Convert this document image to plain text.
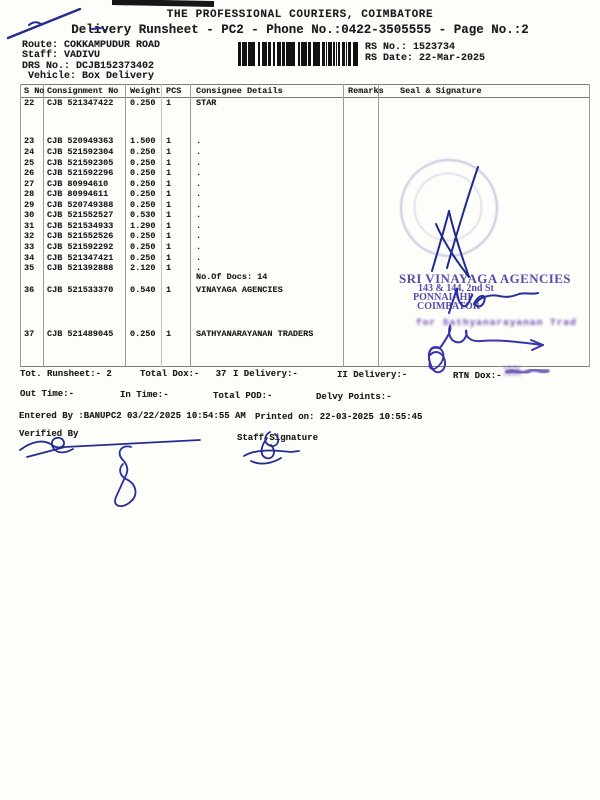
THE PROFESSIONAL COURIERS, COIMBATORE
Delivery Runsheet - PC2 - Phone No.:0422-3505555 - Page No.:2
Route: COKKAMPUDUR ROAD
Staff: VADIVU
DRS No.: DCJB152373402
Vehicle: Box Delivery
RS No.: 1523734
RS Date: 22-Mar-2025
S No Consignment No Weight PCS Consignee Details	Remarks Seal & Signature
22 CJB 521347422 0.250 1	STAR
23 CJB 520949363 1.500 1	.
24 CJB 521592304 0.250 1	.
25 CJB 521592305 0.250 1	.
26 CJB 521592296 0.250 1	.
27 CJB 80994610	0.250 1	.
28 CJB 80994611	0.250 1	.
29 CJB 520749388 0.250 1	.
30 CJB 521552527 0.530 1	.
31 CJB 521534933 1.290 1	.
32 CJB 521552526 0.250 1	.
33 CJB 521592292 0.250 1	.
34 CJB 521347421 0.250 1	.
35 CJB 521392888 2.120 1	.
No.Of Docs: 14
36 CJB 521533370 0.540 1	VINAYAGA AGENCIES
37 CJB 521489045 0.250 1	SATHYANARAYANAN TRADERS
SRI VINAYAGA AGENCIES
143 & 144, 2nd St
PONNAIAHP
COIMBATOR
for Sathyanarayanan Trad
╳╳╳
Tot. Runsheet:- 2	Total Dox:- 37 I Delivery:-	II Delivery:-	RTN Dox:-
Out Time:-	In Time:-	Total POD:-	Delvy Points:-
Entered By :BANUPC2 03/22/2025 10:54:55 AM Printed on: 22-03-2025 10:55:45
Verified By	Staff Signature
